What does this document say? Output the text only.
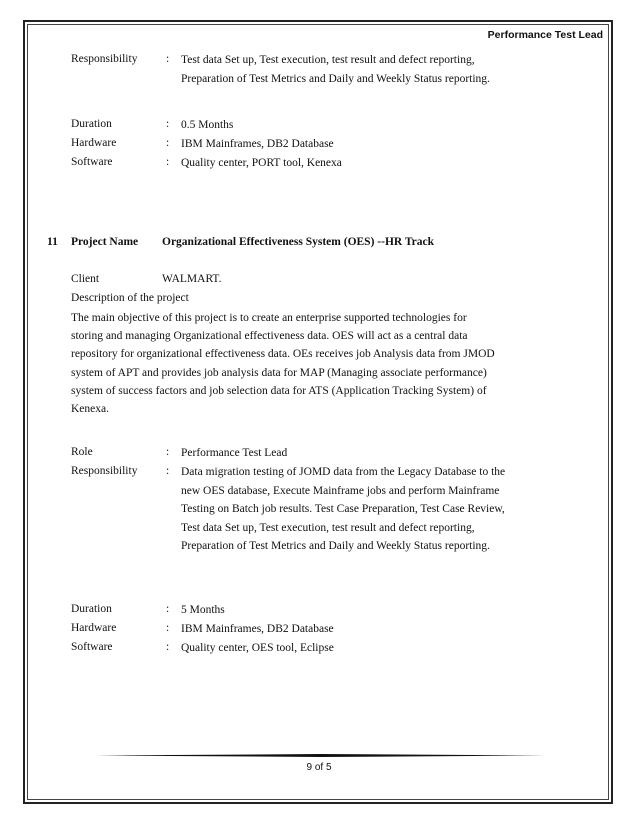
Performance Test Lead
Responsibility : Test data Set up, Test execution, test result and defect reporting,
Preparation of Test Metrics and Daily and Weekly Status reporting.
Duration	: 0.5 Months
Hardware	: IBM Mainframes, DB2 Database
Software	: Quality center, PORT tool, Kenexa
11 Project Name Organizational Effectiveness System (OES) --HR Track
Client	WALMART.
Description of the project
The main objective of this project is to create an enterprise supported technologies for
storing and managing Organizational effectiveness data. OES will act as a central data
repository for organizational effectiveness data. OEs receives job Analysis data from JMOD
system of APT and provides job analysis data for MAP (Managing associate performance)
system of success factors and job selection data for ATS (Application Tracking System) of
Kenexa.
Role	: Performance Test Lead
Responsibility : Data migration testing of JOMD data from the Legacy Database to the
new OES database, Execute Mainframe jobs and perform Mainframe
Testing on Batch job results. Test Case Preparation, Test Case Review,
Test data Set up, Test execution, test result and defect reporting,
Preparation of Test Metrics and Daily and Weekly Status reporting.
Duration	: 5 Months
Hardware	: IBM Mainframes, DB2 Database
Software	: Quality center, OES tool, Eclipse
9 of 5
